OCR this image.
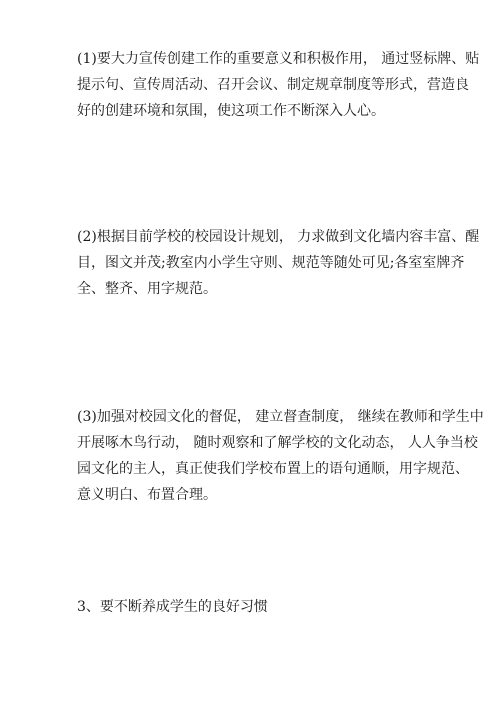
(1)要大力宣传创建工作的重要意义和积极作用， 通过竖标牌、贴
提示句、宣传周活动、召开会议、制定规章制度等形式，营造良
好的创建环境和氛围，使这项工作不断深入人心。

(2)根据目前学校的校园设计规划， 力求做到文化墙内容丰富、醒
目，图文并茂;教室内小学生守则、规范等随处可见;各室室牌齐
全、整齐、用字规范。

(3)加强对校园文化的督促， 建立督查制度， 继续在教师和学生中
开展啄木鸟行动， 随时观察和了解学校的文化动态， 人人争当校
园文化的主人，真正使我们学校布置上的语句通顺，用字规范、
意义明白、布置合理。

3、要不断养成学生的良好习惯
